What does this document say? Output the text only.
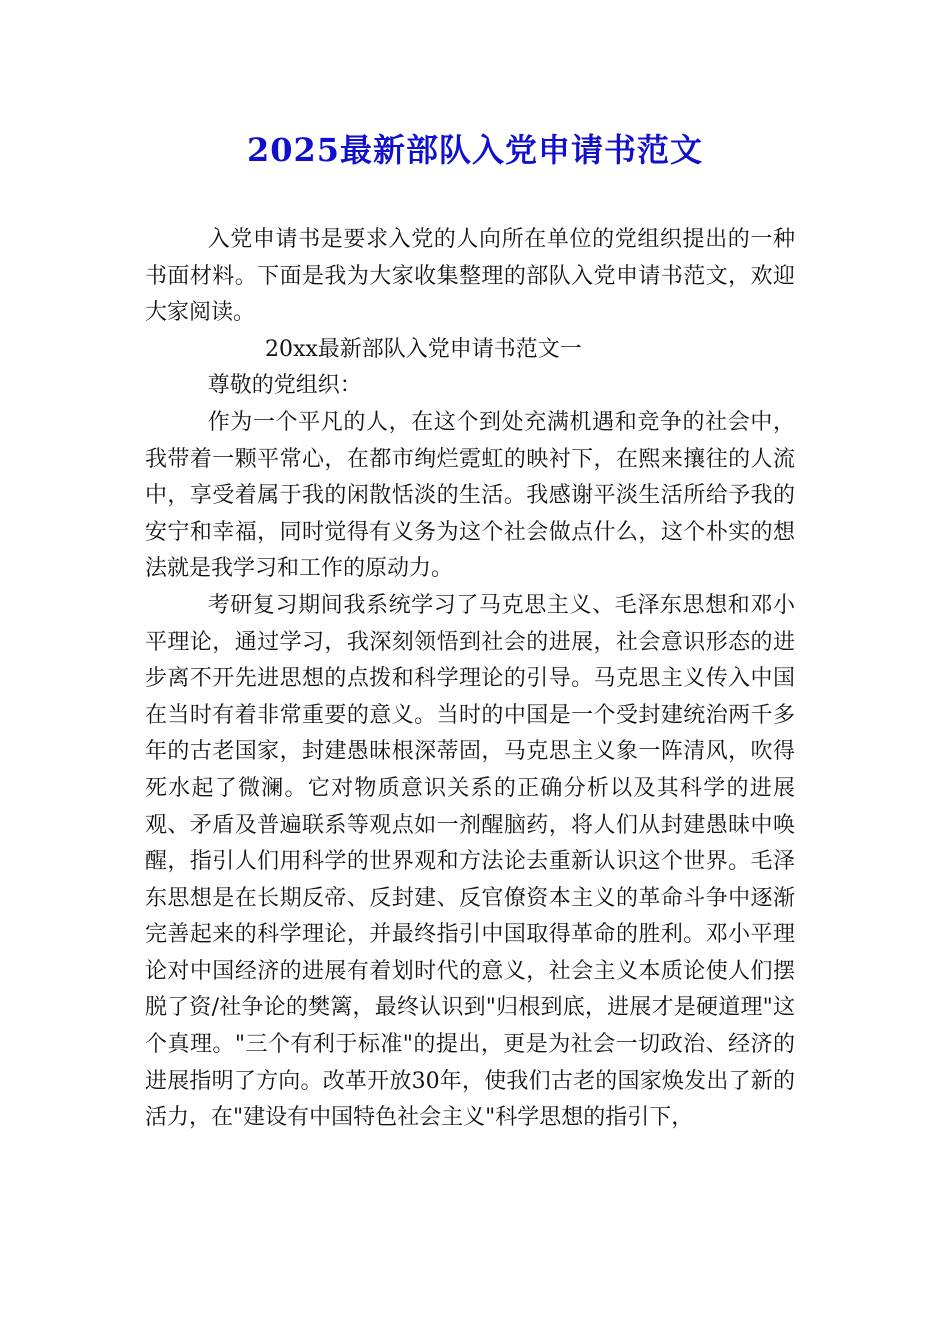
2025最新部队入党申请书范文

入党申请书是要求入党的人向所在单位的党组织提出的一种书面材料。下面是我为大家收集整理的部队入党申请书范文，欢迎大家阅读。

20xx最新部队入党申请书范文一

尊敬的党组织：

作为一个平凡的人，在这个到处充满机遇和竞争的社会中，我带着一颗平常心，在都市绚烂霓虹的映衬下，在熙来攘往的人流中，享受着属于我的闲散恬淡的生活。我感谢平淡生活所给予我的安宁和幸福，同时觉得有义务为这个社会做点什么，这个朴实的想法就是我学习和工作的原动力。

考研复习期间我系统学习了马克思主义、毛泽东思想和邓小平理论，通过学习，我深刻领悟到社会的进展，社会意识形态的进步离不开先进思想的点拨和科学理论的引导。马克思主义传入中国在当时有着非常重要的意义。当时的中国是一个受封建统治两千多年的古老国家，封建愚昧根深蒂固，马克思主义象一阵清风，吹得死水起了微澜。它对物质意识关系的正确分析以及其科学的进展观、矛盾及普遍联系等观点如一剂醒脑药，将人们从封建愚昧中唤醒，指引人们用科学的世界观和方法论去重新认识这个世界。毛泽东思想是在长期反帝、反封建、反官僚资本主义的革命斗争中逐渐完善起来的科学理论，并最终指引中国取得革命的胜利。邓小平理论对中国经济的进展有着划时代的意义，社会主义本质论使人们摆脱了资/社争论的樊篱，最终认识到"归根到底，进展才是硬道理"这个真理。"三个有利于标准"的提出，更是为社会一切政治、经济的进展指明了方向。改革开放30年，使我们古老的国家焕发出了新的活力，在"建设有中国特色社会主义"科学思想的指引下，
